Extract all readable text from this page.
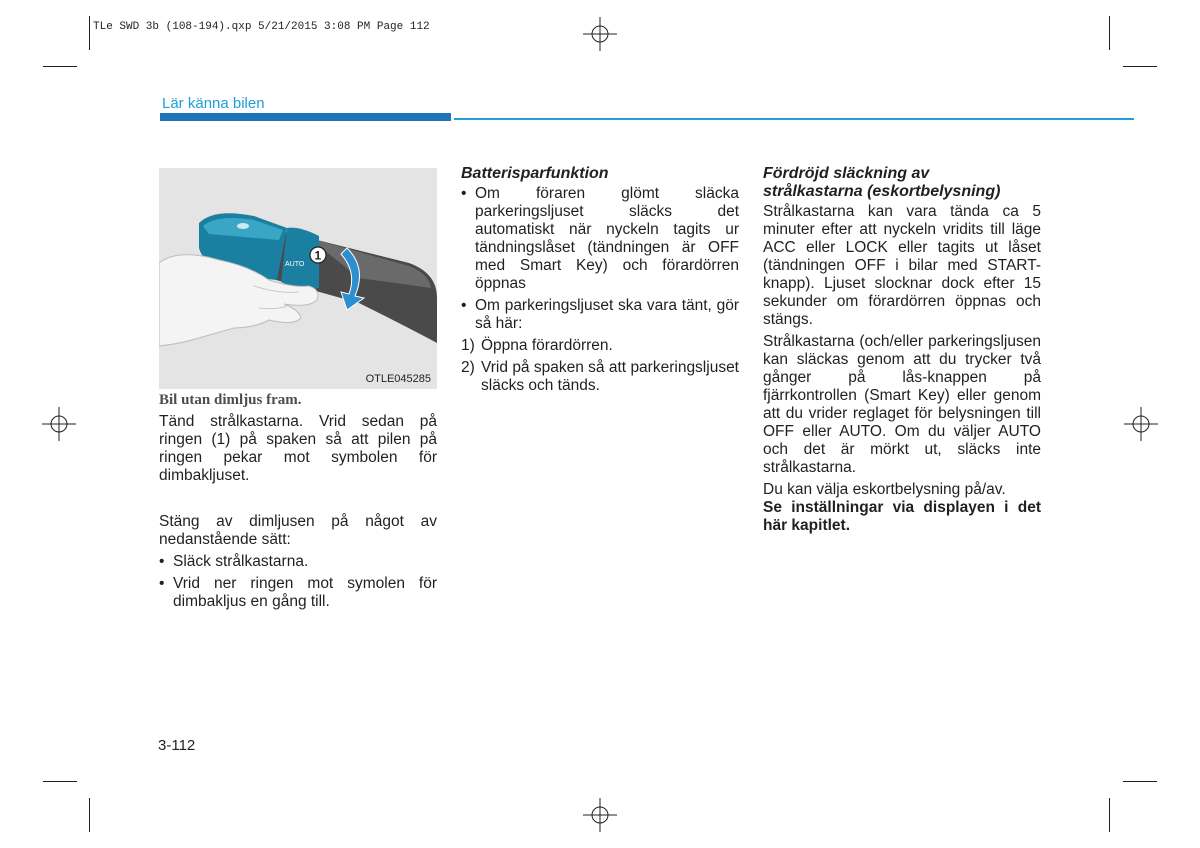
TLe SWD 3b (108-194).qxp 5/21/2015 3:08 PM Page 112
Lär känna bilen
AUTO
1
OTLE045285

Bil utan dimljus fram.

Tänd strålkastarna. Vrid sedan på ringen (1) på spaken så att pilen på ringen pekar mot symbolen för dimbakljuset.

Stäng av dimljusen på något av nedanstående sätt:

• Släck strålkastarna.

• Vrid ner ringen mot symolen för dimbakljus en gång till.

Batterisparfunktion

• Om föraren glömt släcka parkeringsljuset släcks det automatiskt när nyckeln tagits ur tändningslåset (tändningen är OFF med Smart Key) och förardörren öppnas

• Om parkeringsljuset ska vara tänt, gör så här:

1) Öppna förardörren.

2) Vrid på spaken så att parkeringsljuset släcks och tänds.

Fördröjd släckning av

strålkastarna (eskortbelysning)

Strålkastarna kan vara tända ca 5 minuter efter att nyckeln vridits till läge ACC eller LOCK eller tagits ut låset (tändningen OFF i bilar med START-knapp). Ljuset slocknar dock efter 15 sekunder om förardörren öppnas och stängs.

Strålkastarna (och/eller parkeringsljusen kan släckas genom att du trycker två gånger på lås-knappen på fjärrkontrollen (Smart Key) eller genom att du vrider reglaget för belysningen till OFF eller AUTO. Om du väljer AUTO och det är mörkt ut, släcks inte strålkastarna.

Du kan välja eskortbelysning på/av.

Se inställningar via displayen i det här kapitlet.

3-112
